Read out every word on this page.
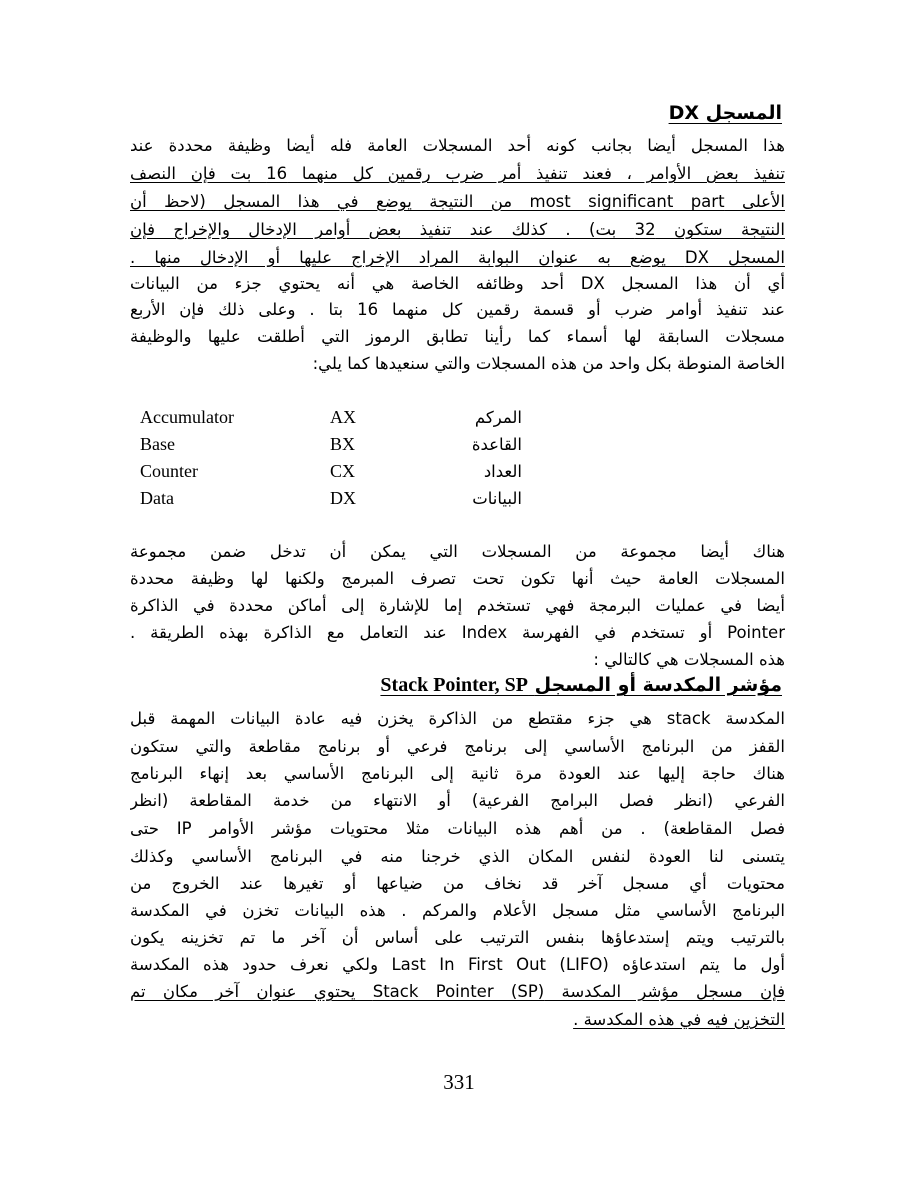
المسجل DX
هذا المسجل أيضا بجانب كونه أحد المسجلات العامة فله أيضا وظيفة محددة عند
تنفيذ بعض الأوامر ، فعند تنفيذ أمر ضرب رقمين كل منهما 16 بت فإن النصف
الأعلى most significant part من النتيجة يوضع في هذا المسجل (لاحظ أن
النتيجة ستكون 32 بت) . كذلك عند تنفيذ بعض أوامر الإدخال والإخراج فإن
المسجل DX يوضع به عنوان البوابة المراد الإخراج عليها أو الإدخال منها .
أي أن هذا المسجل DX أحد وظائفه الخاصة هي أنه يحتوي جزء من البيانات
عند تنفيذ أوامر ضرب أو قسمة رقمين كل منهما 16 بتا . وعلى ذلك فإن الأربع
مسجلات السابقة لها أسماء كما رأينا تطابق الرموز التي أطلقت عليها والوظيفة
الخاصة المنوطة بكل واحد من هذه المسجلات والتي سنعيدها كما يلي:
Accumulator	AX	المركم
Base	BX	القاعدة
Counter	CX	العداد
Data	DX	البيانات
هناك أيضا مجموعة من المسجلات التي يمكن أن تدخل ضمن مجموعة
المسجلات العامة حيث أنها تكون تحت تصرف المبرمج ولكنها لها وظيفة محددة
أيضا في عمليات البرمجة فهي تستخدم إما للإشارة إلى أماكن محددة في الذاكرة
Pointer أو تستخدم في الفهرسة Index عند التعامل مع الذاكرة بهذه الطريقة .
هذه المسجلات هي كالتالي :
مؤشر المكدسة أو المسجل Stack Pointer, SP
المكدسة stack هي جزء مقتطع من الذاكرة يخزن فيه عادة البيانات المهمة قبل
القفز من البرنامج الأساسي إلى برنامج فرعي أو برنامج مقاطعة والتي ستكون
هناك حاجة إليها عند العودة مرة ثانية إلى البرنامج الأساسي بعد إنهاء البرنامج
الفرعي (انظر فصل البرامج الفرعية) أو الانتهاء من خدمة المقاطعة (انظر
فصل المقاطعة) . من أهم هذه البيانات مثلا محتويات مؤشر الأوامر IP حتى
يتسنى لنا العودة لنفس المكان الذي خرجنا منه في البرنامج الأساسي وكذلك
محتويات أي مسجل آخر قد نخاف من ضياعها أو تغيرها عند الخروج من
البرنامج الأساسي مثل مسجل الأعلام والمركم . هذه البيانات تخزن في المكدسة
بالترتيب ويتم إستدعاؤها بنفس الترتيب على أساس أن آخر ما تم تخزينه يكون
أول ما يتم استدعاؤه Last In First Out (LIFO) ولكي نعرف حدود هذه المكدسة
فإن مسجل مؤشر المكدسة Stack Pointer (SP) يحتوي عنوان آخر مكان تم
التخزين فيه في هذه المكدسة .
331
